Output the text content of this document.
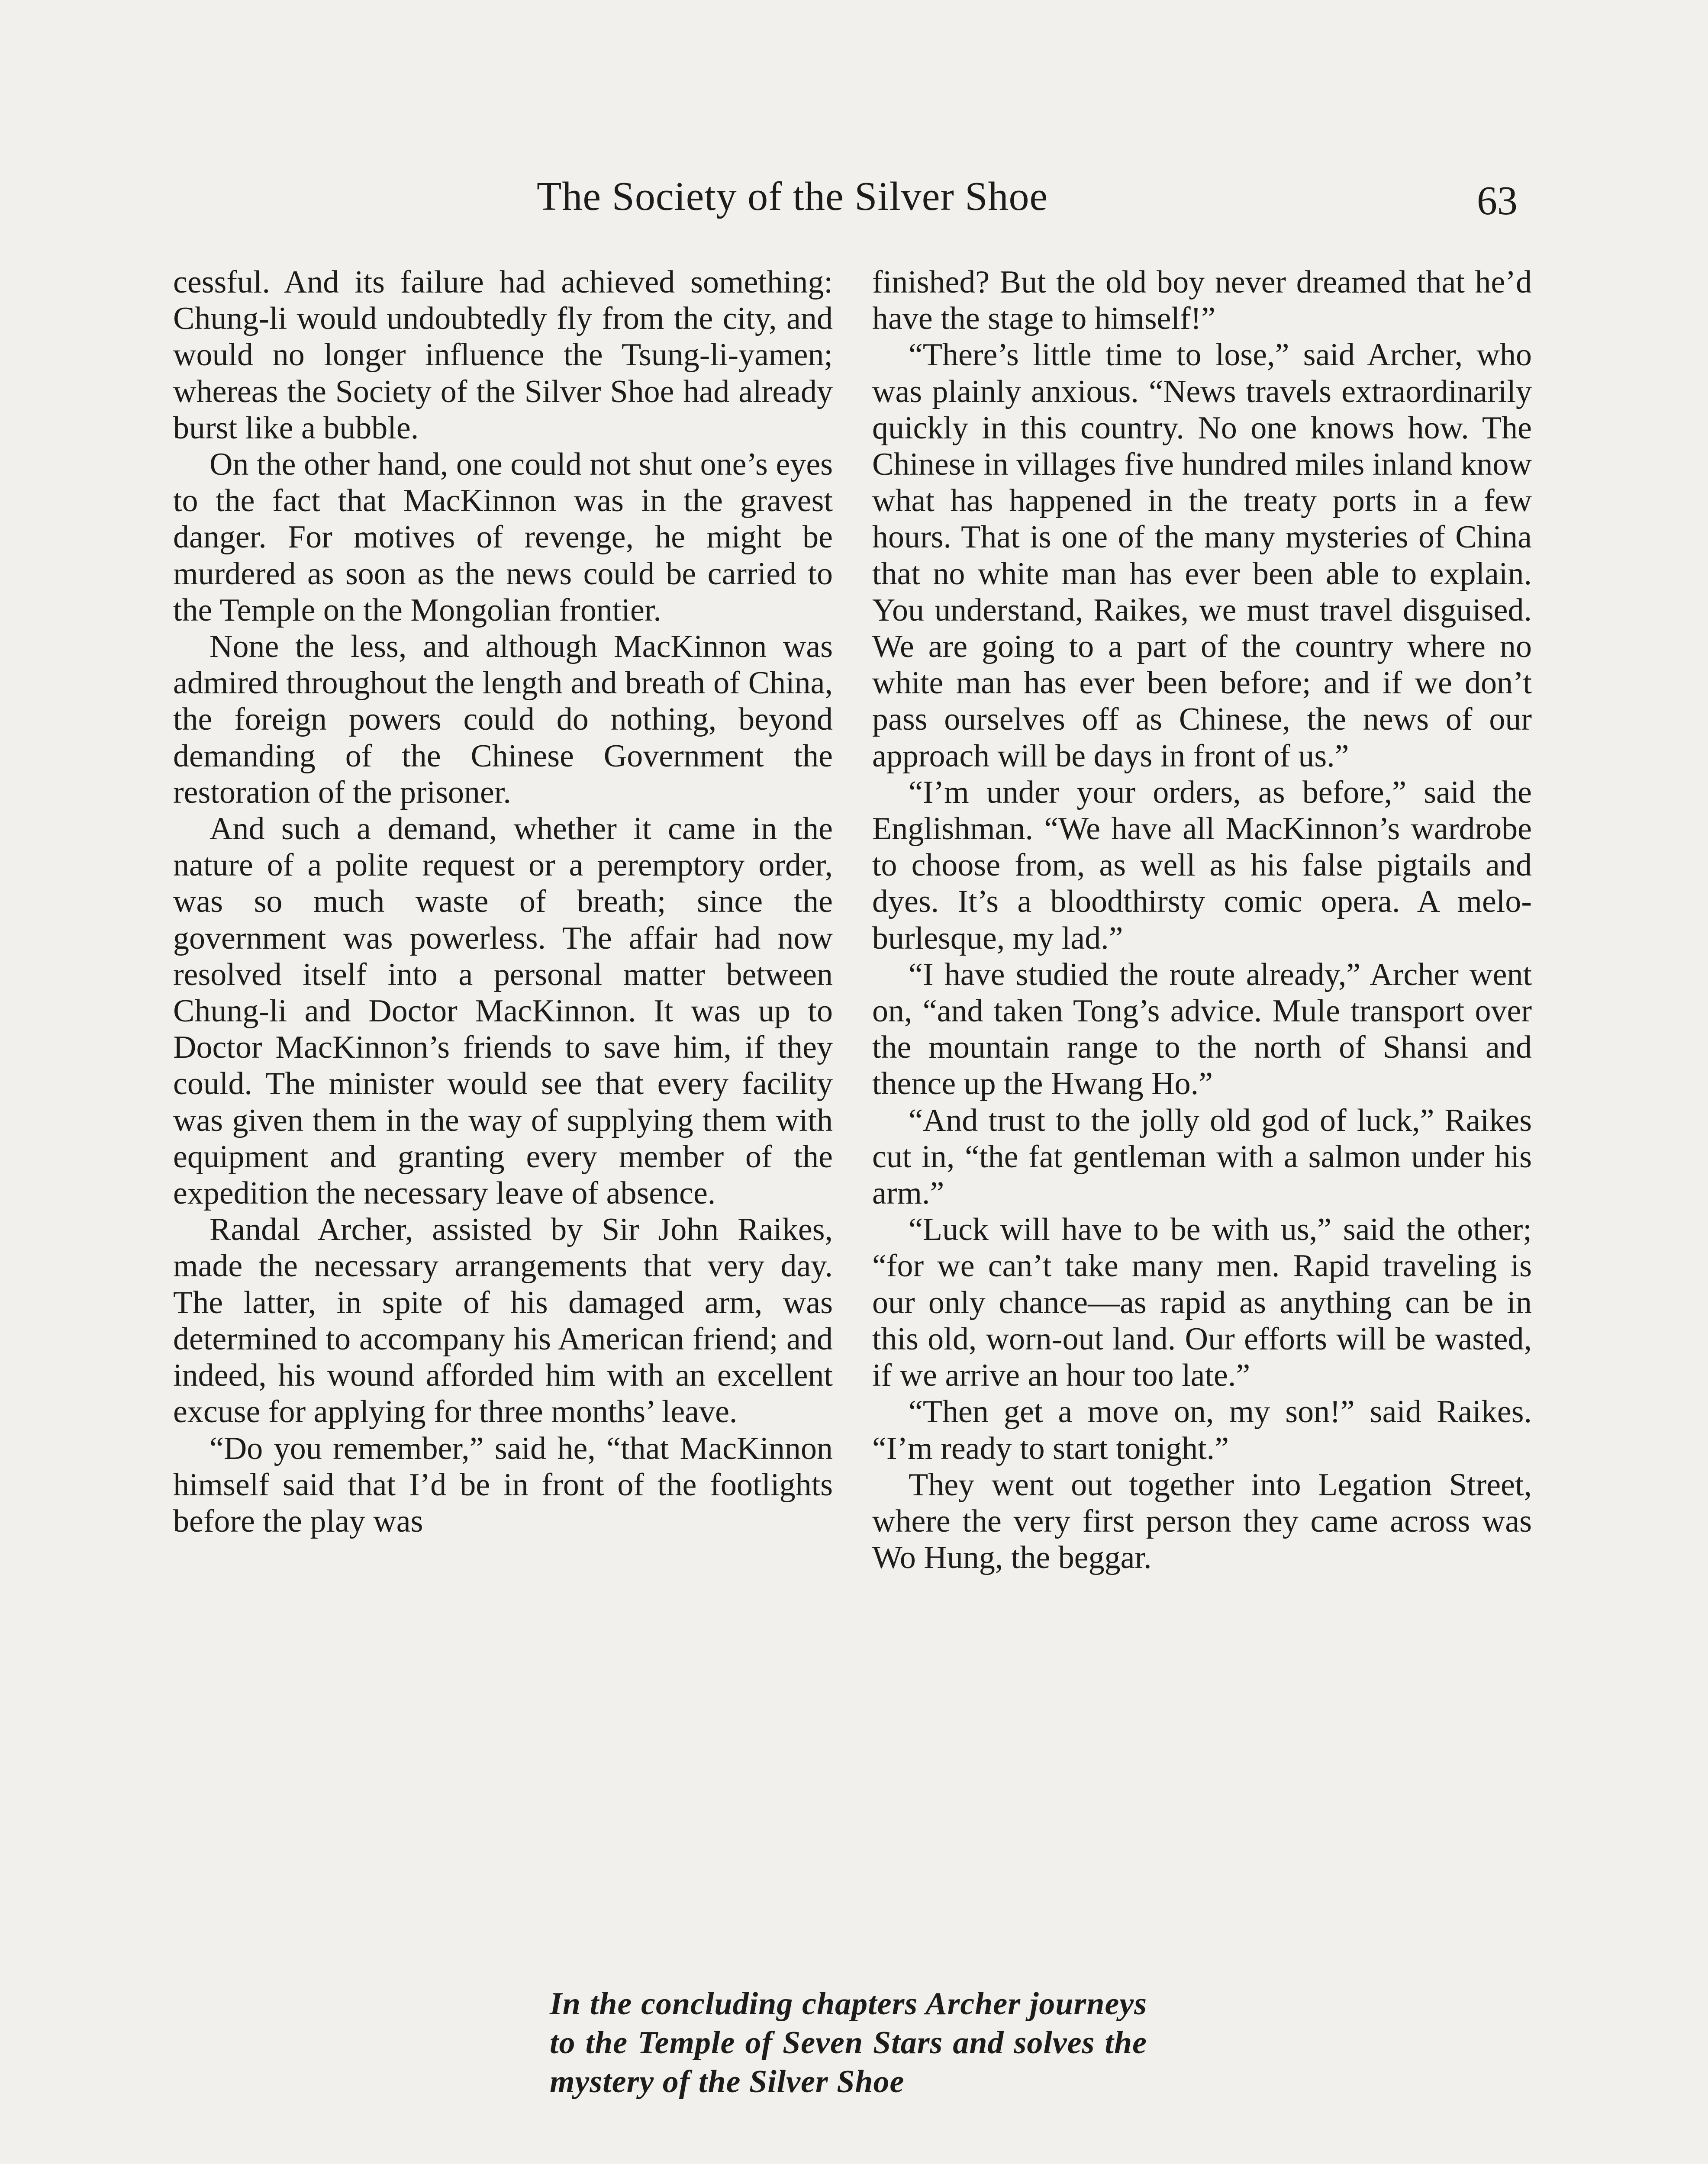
The Society of the Silver Shoe	63

cessful. And its failure had achieved something: Chung-li would undoubtedly fly from the city, and would no longer influence the Tsung-li-yamen; whereas the Society of the Silver Shoe had already burst like a bubble.

On the other hand, one could not shut one’s eyes to the fact that MacKinnon was in the gravest danger. For motives of revenge, he might be murdered as soon as the news could be carried to the Temple on the Mongolian frontier.

None the less, and although MacKinnon was admired throughout the length and breath of China, the foreign powers could do nothing, beyond demanding of the Chinese Government the restoration of the prisoner.

And such a demand, whether it came in the nature of a polite request or a peremptory order, was so much waste of breath; since the government was powerless. The affair had now resolved itself into a personal matter between Chung-li and Doctor MacKinnon. It was up to Doctor MacKinnon’s friends to save him, if they could. The minister would see that every facility was given them in the way of supplying them with equipment and granting every member of the expedition the necessary leave of absence.

Randal Archer, assisted by Sir John Raikes, made the necessary arrangements that very day. The latter, in spite of his damaged arm, was determined to accompany his American friend; and indeed, his wound afforded him with an excellent excuse for applying for three months’ leave.

“Do you remember,” said he, “that MacKinnon himself said that I’d be in front of the footlights before the play was

finished? But the old boy never dreamed that he’d have the stage to himself!”

“There’s little time to lose,” said Archer, who was plainly anxious. “News travels extraordinarily quickly in this country. No one knows how. The Chinese in villages five hundred miles inland know what has happened in the treaty ports in a few hours. That is one of the many mysteries of China that no white man has ever been able to explain. You understand, Raikes, we must travel disguised. We are going to a part of the country where no white man has ever been before; and if we don’t pass ourselves off as Chinese, the news of our approach will be days in front of us.”

“I’m under your orders, as before,” said the Englishman. “We have all MacKinnon’s wardrobe to choose from, as well as his false pigtails and dyes. It’s a bloodthirsty comic opera. A melo-burlesque, my lad.”

“I have studied the route already,” Archer went on, “and taken Tong’s advice. Mule transport over the mountain range to the north of Shansi and thence up the Hwang Ho.”

“And trust to the jolly old god of luck,” Raikes cut in, “the fat gentleman with a salmon under his arm.”

“Luck will have to be with us,” said the other; “for we can’t take many men. Rapid traveling is our only chance—as rapid as anything can be in this old, worn-out land. Our efforts will be wasted, if we arrive an hour too late.”

“Then get a move on, my son!” said Raikes. “I’m ready to start tonight.”

They went out together into Legation Street, where the very first person they came across was Wo Hung, the beggar.

In the concluding chapters Archer journeys to the Temple of Seven Stars and solves the mystery of the Silver Shoe
